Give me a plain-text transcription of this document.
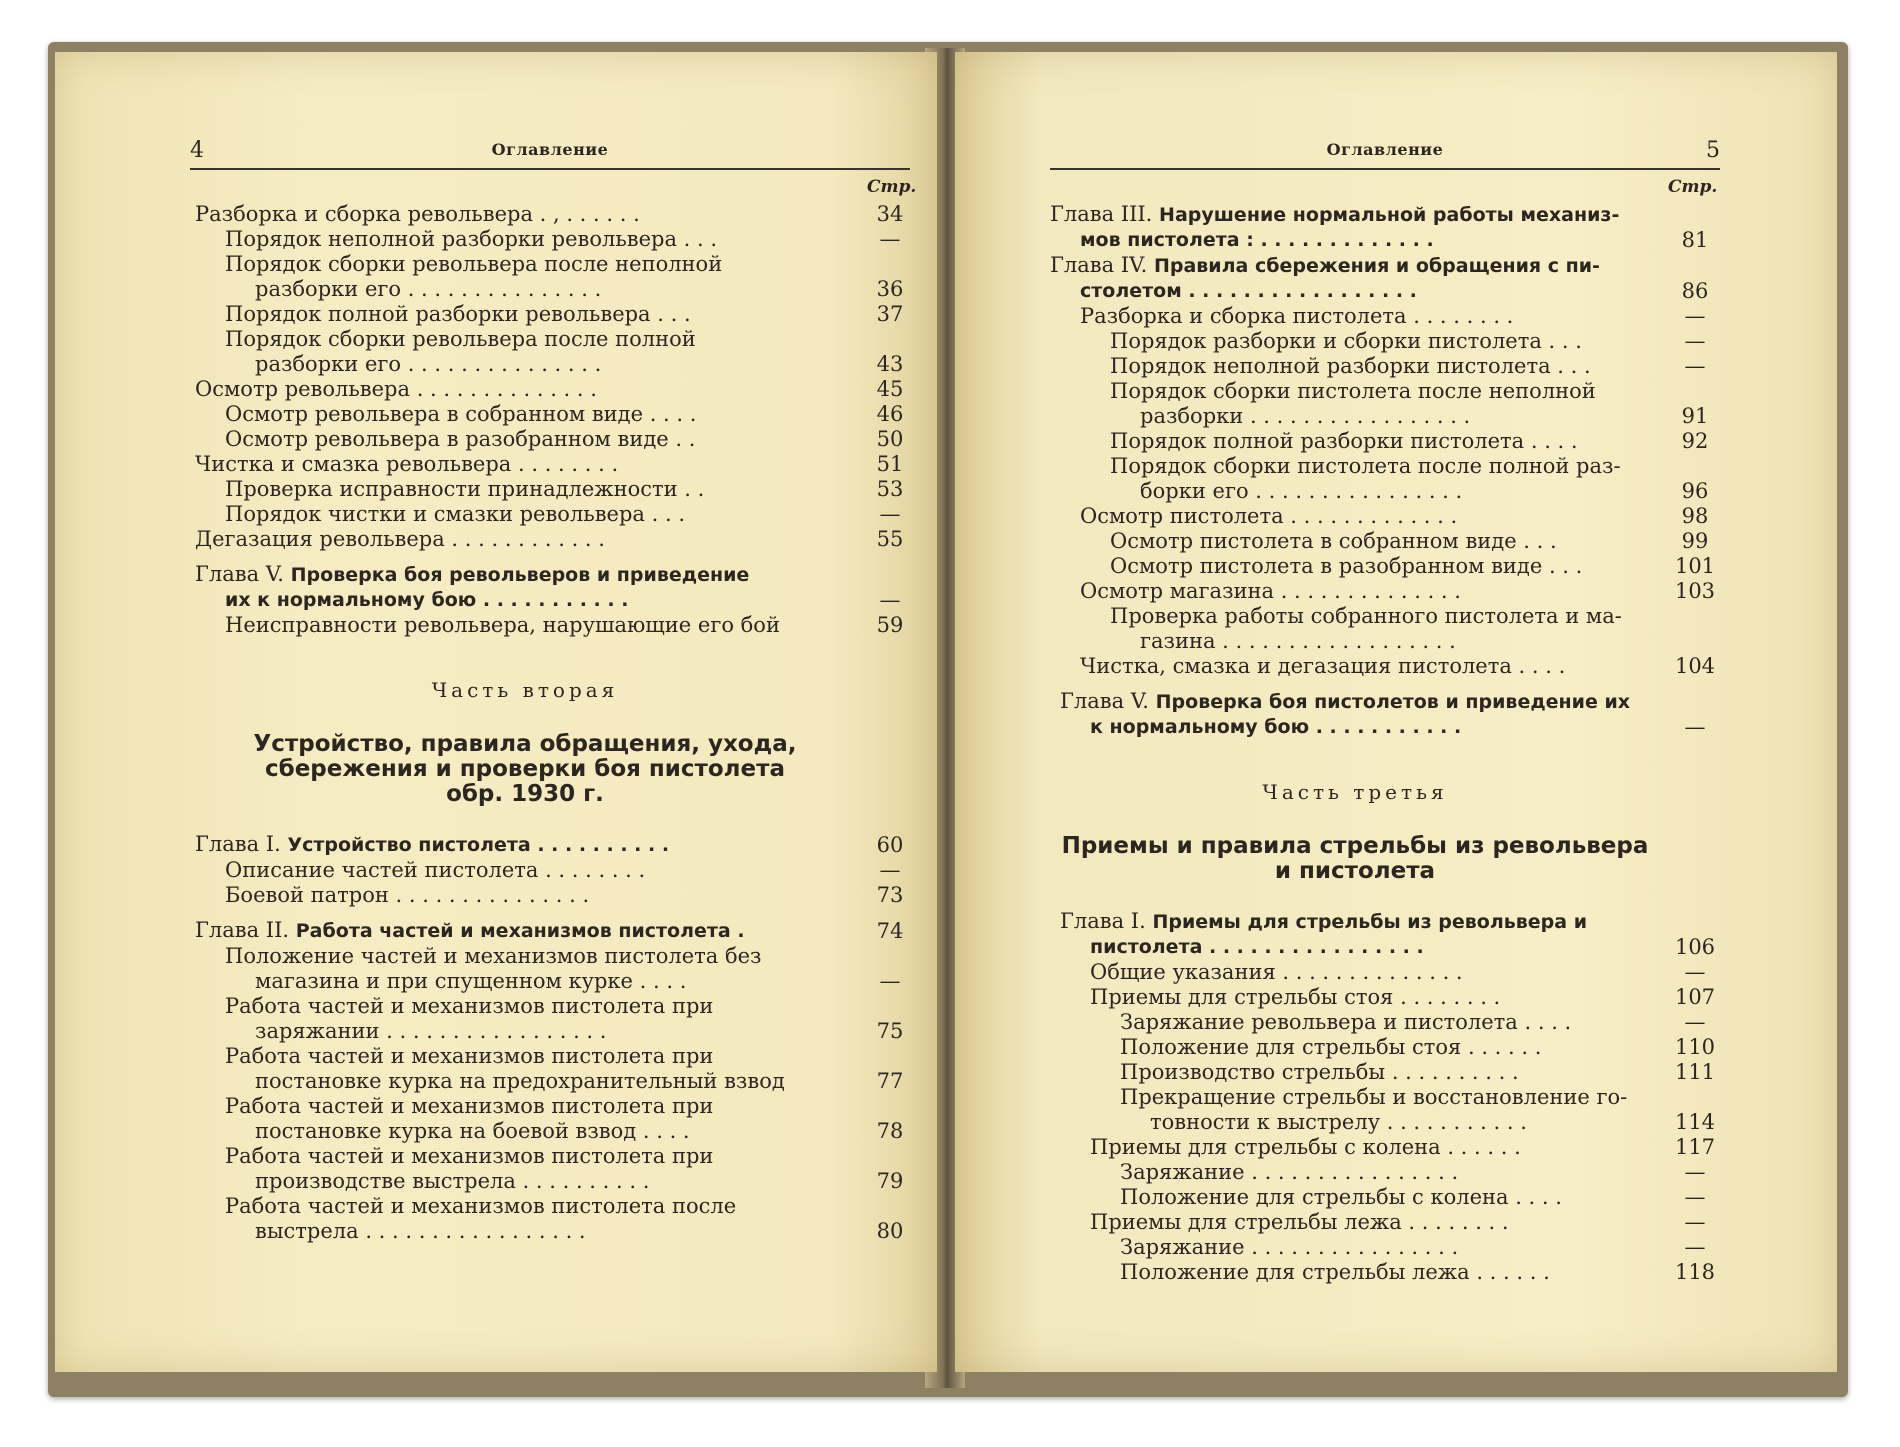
4	Оглавление
Стр.
Разборка и сборка револьвера . , . . . . . .	34
Порядок неполной разборки револьвера . . .	—
Порядок сборки револьвера после неполной
разборки его . . . . . . . . . . . . . . .	36
Порядок полной разборки револьвера . . .	37
Порядок сборки револьвера после полной
разборки его . . . . . . . . . . . . . . .	43
Осмотр револьвера . . . . . . . . . . . . . .	45
Осмотр револьвера в собранном виде . . . .	46
Осмотр револьвера в разобранном виде . .	50
Чистка и смазка револьвера . . . . . . . .	51
Проверка исправности принадлежности . .	53
Порядок чистки и смазки револьвера . . .	—
Дегазация револьвера . . . . . . . . . . . .	55
Глава V. Проверка боя револьверов и приведение
их к нормальному бою . . . . . . . . . . .	—
Неисправности револьвера, нарушающие его бой	59
Часть вторая
Устройство, правила обращения, ухода,
сбережения и проверки боя пистолета
обр. 1930 г.
Глава I. Устройство пистолета . . . . . . . . . .	60
Описание частей пистолета . . . . . . . .	—
Боевой патрон . . . . . . . . . . . . . . .	73
Глава II. Работа частей и механизмов пистолета .	74
Положение частей и механизмов пистолета без
магазина и при спущенном курке . . . .	—
Работа частей и механизмов пистолета при
заряжании . . . . . . . . . . . . . . . . .	75
Работа частей и механизмов пистолета при
постановке курка на предохранительный взвод	77
Работа частей и механизмов пистолета при
постановке курка на боевой взвод . . . .	78
Работа частей и механизмов пистолета при
производстве выстрела . . . . . . . . . .	79
Работа частей и механизмов пистолета после
выстрела . . . . . . . . . . . . . . . . .	80
Оглавление	5
Стр.
Глава III. Нарушение нормальной работы механиз-
мов пистолета : . . . . . . . . . . . . .	81
Глава IV. Правила сбережения и обращения с пи-
столетом . . . . . . . . . . . . . . . . .	86
Разборка и сборка пистолета . . . . . . . .	—
Порядок разборки и сборки пистолета . . .	—
Порядок неполной разборки пистолета . . .	—
Порядок сборки пистолета после неполной
разборки . . . . . . . . . . . . . . . . .	91
Порядок полной разборки пистолета . . . .	92
Порядок сборки пистолета после полной раз-
борки его . . . . . . . . . . . . . . . .	96
Осмотр пистолета . . . . . . . . . . . . .	98
Осмотр пистолета в собранном виде . . .	99
Осмотр пистолета в разобранном виде . . .	101
Осмотр магазина . . . . . . . . . . . . . .	103
Проверка работы собранного пистолета и ма-
газина . . . . . . . . . . . . . . . . . .
Чистка, смазка и дегазация пистолета . . . .	104
Глава V. Проверка боя пистолетов и приведение их
к нормальному бою . . . . . . . . . . .	—
Часть третья
Приемы и правила стрельбы из револьвера
и пистолета
Глава I. Приемы для стрельбы из револьвера и
пистолета . . . . . . . . . . . . . . . .	106
Общие указания . . . . . . . . . . . . . .	—
Приемы для стрельбы стоя . . . . . . . .	107
Заряжание револьвера и пистолета . . . .	—
Положение для стрельбы стоя . . . . . .	110
Производство стрельбы . . . . . . . . . .	111
Прекращение стрельбы и восстановление го-
товности к выстрелу . . . . . . . . . . .	114
Приемы для стрельбы с колена . . . . . .	117
Заряжание . . . . . . . . . . . . . . . .	—
Положение для стрельбы с колена . . . .	—
Приемы для стрельбы лежа . . . . . . . .	—
Заряжание . . . . . . . . . . . . . . . .	—
Положение для стрельбы лежа . . . . . .	118
